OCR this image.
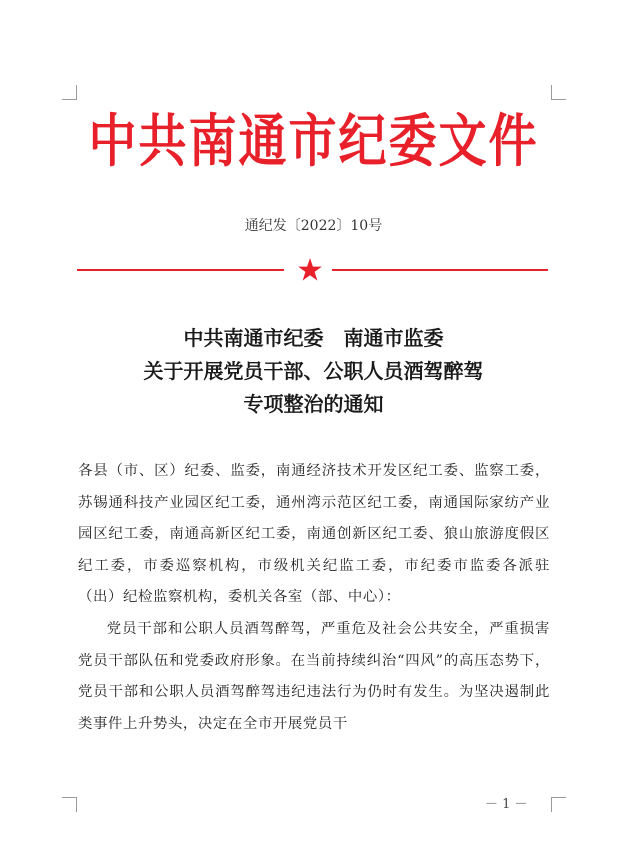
中共南通市纪委文件
通纪发〔2022〕10号
中共南通市纪委　南通市监委
关于开展党员干部、公职人员酒驾醉驾
专项整治的通知

各县（市、区）纪委、监委，南通经济技术开发区纪工委、监察工委，苏锡通科技产业园区纪工委，通州湾示范区纪工委，南通国际家纺产业园区纪工委，南通高新区纪工委，南通创新区纪工委、狼山旅游度假区纪工委，市委巡察机构，市级机关纪监工委，市纪委市监委各派驻（出）纪检监察机构，委机关各室（部、中心）：

党员干部和公职人员酒驾醉驾，严重危及社会公共安全，严重损害党员干部队伍和党委政府形象。在当前持续纠治“四风”的高压态势下，党员干部和公职人员酒驾醉驾违纪违法行为仍时有发生。为坚决遏制此类事件上升势头，决定在全市开展党员干

－ 1 －
